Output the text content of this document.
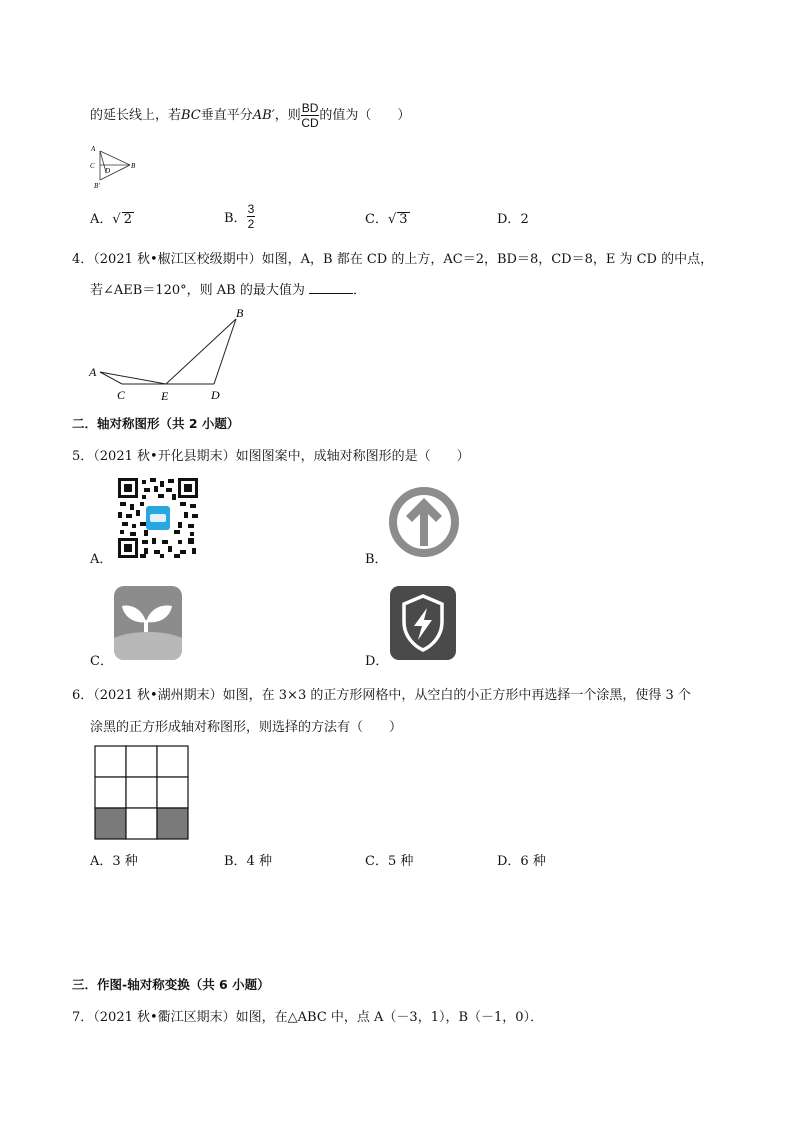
的延长线上，若BC垂直平分AB′，则 $\frac{BD}{CD}$ 的值为（　　）
A
C
D
B
B′
A．√ 2	B． $\frac{3}{2}$	C．√ 3	D．2
4．（2021 秋•椒江区校级期中）如图，A，B 都在 CD 的上方，AC＝2，BD＝8，CD＝8，E 为 CD 的中点，
若∠AEB＝120°，则 AB 的最大值为	．
A
B
C	E	D
二．轴对称图形（共 2 小题）
5．（2021 秋•开化县期末）如图图案中，成轴对称图形的是（　　）
A．	B．
C．	D．
6．（2021 秋•湖州期末）如图，在 3×3 的正方形网格中，从空白的小正方形中再选择一个涂黑，使得 3 个
涂黑的正方形成轴对称图形，则选择的方法有（　　）
A．3 种	B．4 种	C．5 种	D．6 种
三．作图-轴对称变换（共 6 小题）
7．（2021 秋•衢江区期末）如图，在△ABC 中，点 A（－3，1），B（－1，0）．
